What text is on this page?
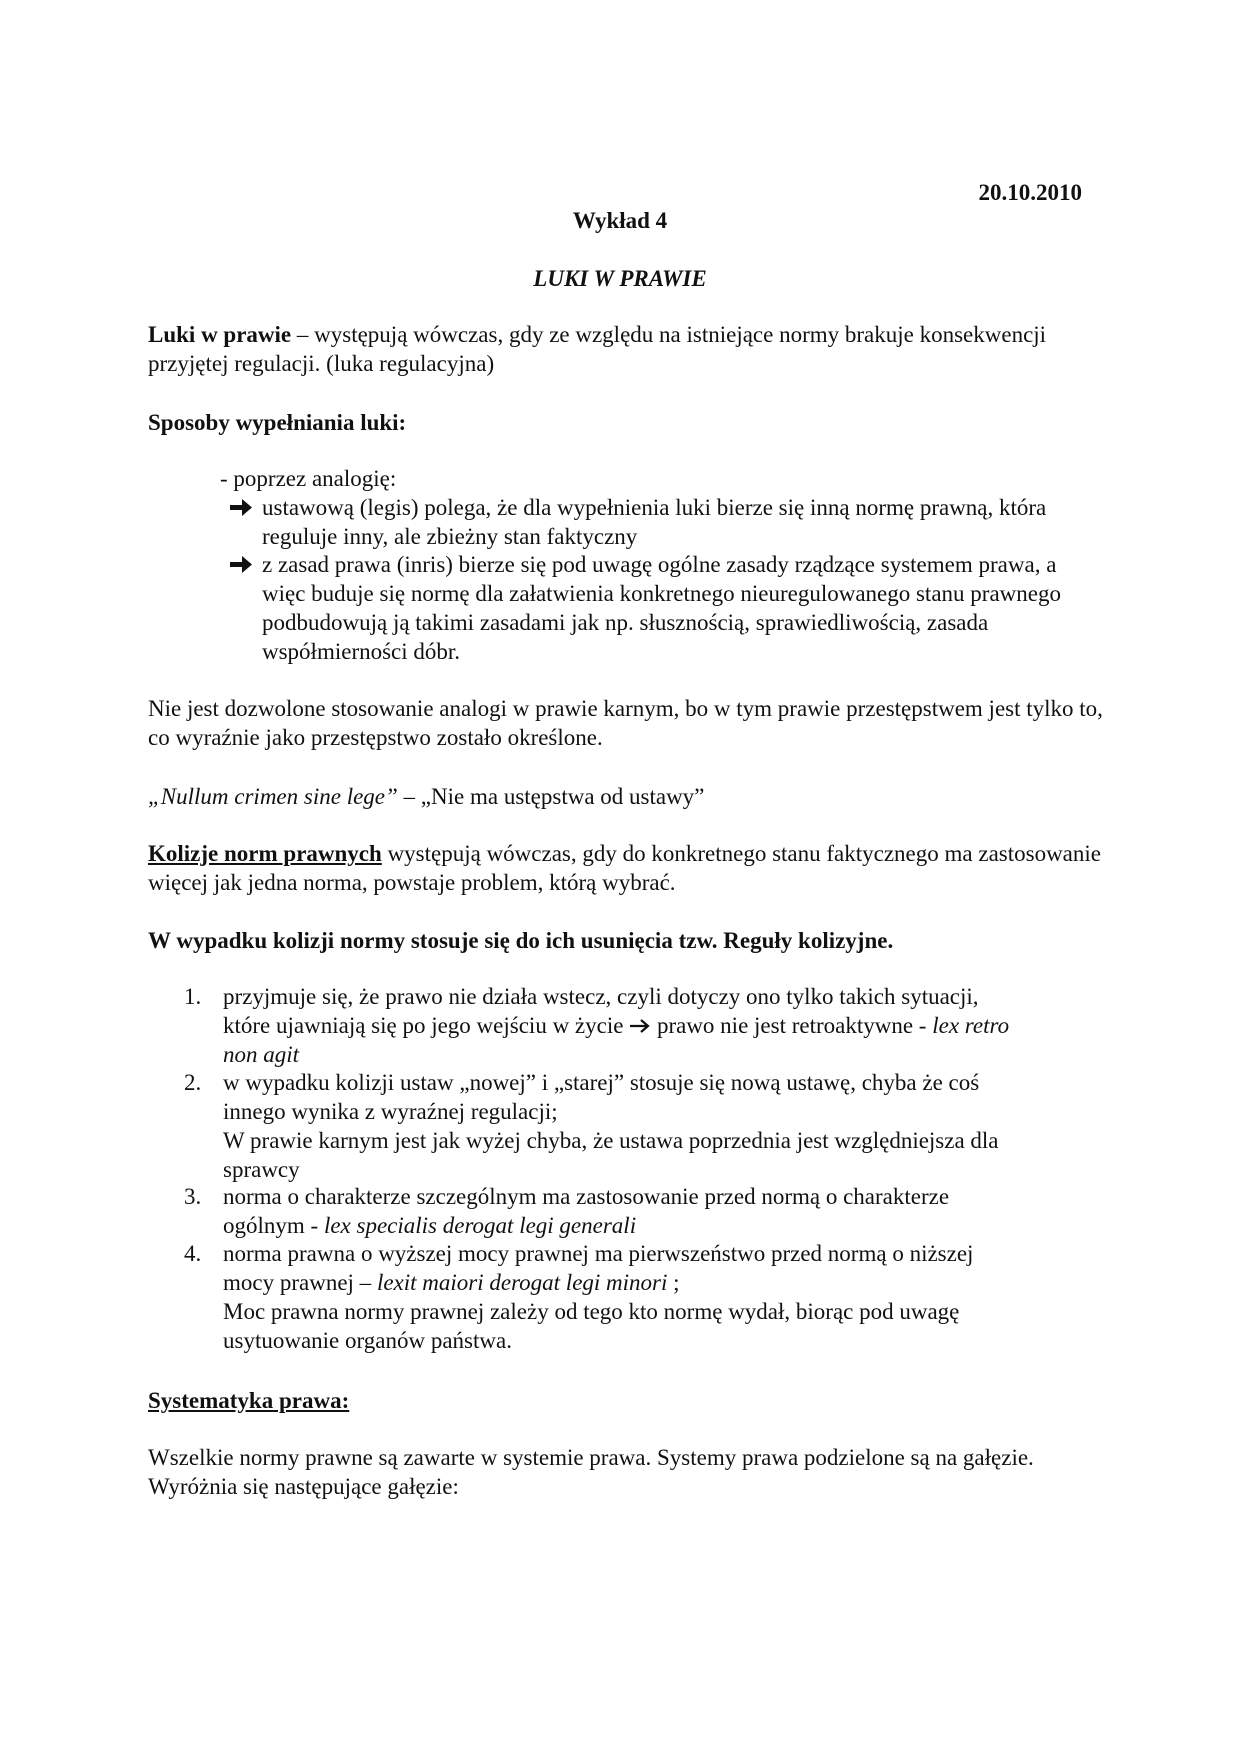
20.10.2010
Wykład 4
LUKI W PRAWIE
Luki w prawie – występują wówczas, gdy ze względu na istniejące normy brakuje konsekwencji przyjętej regulacji. (luka regulacyjna)
Sposoby wypełniania luki:
- poprzez analogię:
ustawową (legis) polega, że dla wypełnienia luki bierze się inną normę prawną, która reguluje inny, ale zbieżny stan faktyczny
z zasad prawa (inris) bierze się pod uwagę ogólne zasady rządzące systemem prawa, a więc buduje się normę dla załatwienia konkretnego nieuregulowanego stanu prawnego podbudowują ją takimi zasadami jak np. słusznością, sprawiedliwością, zasada współmierności dóbr.
Nie jest dozwolone stosowanie analogi w prawie karnym, bo w tym prawie przestępstwem jest tylko to, co wyraźnie jako przestępstwo zostało określone.
„Nullum crimen sine lege” – „Nie ma ustępstwa od ustawy”
Kolizje norm prawnych występują wówczas, gdy do konkretnego stanu faktycznego ma zastosowanie więcej jak jedna norma, powstaje problem, którą wybrać.
W wypadku kolizji normy stosuje się do ich usunięcia tzw. Reguły kolizyjne.
1. przyjmuje się, że prawo nie działa wstecz, czyli dotyczy ono tylko takich sytuacji,
które ujawniają się po jego wejściu w życie  prawo nie jest retroaktywne - lex retro
non agit
2. w wypadku kolizji ustaw „nowej” i „starej” stosuje się nową ustawę, chyba że coś
innego wynika z wyraźnej regulacji;
W prawie karnym jest jak wyżej chyba, że ustawa poprzednia jest względniejsza dla
sprawcy
3. norma o charakterze szczególnym ma zastosowanie przed normą o charakterze
ogólnym - lex specialis derogat legi generali
4. norma prawna o wyższej mocy prawnej ma pierwszeństwo przed normą o niższej
mocy prawnej – lexit maiori derogat legi minori ;
Moc prawna normy prawnej zależy od tego kto normę wydał, biorąc pod uwagę
usytuowanie organów państwa.
Systematyka prawa:
Wszelkie normy prawne są zawarte w systemie prawa. Systemy prawa podzielone są na gałęzie. Wyróżnia się następujące gałęzie:
